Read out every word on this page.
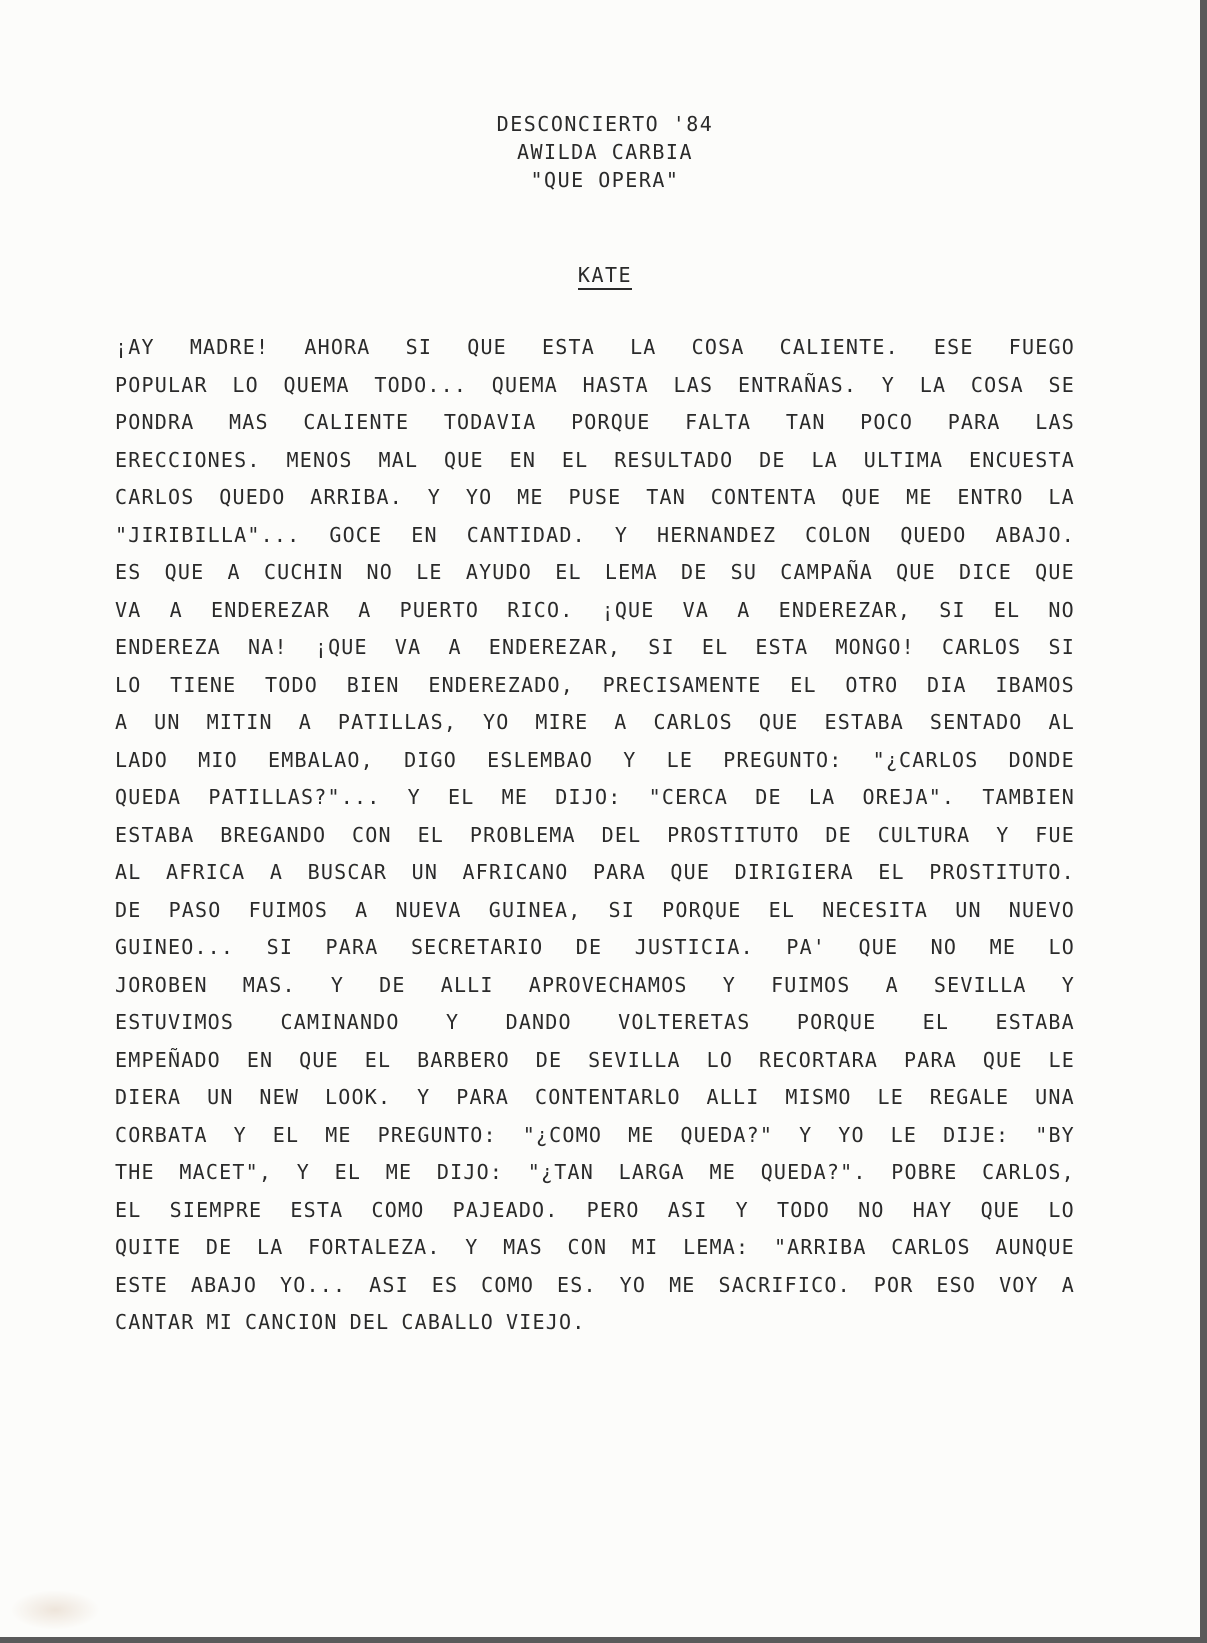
DESCONCIERTO '84
AWILDA CARBIA
"QUE OPERA"
KATE
¡AY MADRE! AHORA SI QUE ESTA LA COSA CALIENTE. ESE FUEGO
POPULAR LO QUEMA TODO... QUEMA HASTA LAS ENTRAÑAS. Y LA COSA SE
PONDRA MAS CALIENTE TODAVIA PORQUE FALTA TAN POCO PARA LAS
ERECCIONES. MENOS MAL QUE EN EL RESULTADO DE LA ULTIMA ENCUESTA
CARLOS QUEDO ARRIBA. Y YO ME PUSE TAN CONTENTA QUE ME ENTRO LA
"JIRIBILLA"... GOCE EN CANTIDAD. Y HERNANDEZ COLON QUEDO ABAJO.
ES QUE A CUCHIN NO LE AYUDO EL LEMA DE SU CAMPAÑA QUE DICE QUE
VA A ENDEREZAR A PUERTO RICO. ¡QUE VA A ENDEREZAR, SI EL NO
ENDEREZA NA! ¡QUE VA A ENDEREZAR, SI EL ESTA MONGO! CARLOS SI
LO TIENE TODO BIEN ENDEREZADO, PRECISAMENTE EL OTRO DIA IBAMOS
A UN MITIN A PATILLAS, YO MIRE A CARLOS QUE ESTABA SENTADO AL
LADO MIO EMBALAO, DIGO ESLEMBAO Y LE PREGUNTO: "¿CARLOS DONDE
QUEDA PATILLAS?"... Y EL ME DIJO: "CERCA DE LA OREJA". TAMBIEN
ESTABA BREGANDO CON EL PROBLEMA DEL PROSTITUTO DE CULTURA Y FUE
AL AFRICA A BUSCAR UN AFRICANO PARA QUE DIRIGIERA EL PROSTITUTO.
DE PASO FUIMOS A NUEVA GUINEA, SI PORQUE EL NECESITA UN NUEVO
GUINEO... SI PARA SECRETARIO DE JUSTICIA. PA' QUE NO ME LO
JOROBEN MAS. Y DE ALLI APROVECHAMOS Y FUIMOS A SEVILLA Y
ESTUVIMOS CAMINANDO Y DANDO VOLTERETAS PORQUE EL ESTABA
EMPEÑADO EN QUE EL BARBERO DE SEVILLA LO RECORTARA PARA QUE LE
DIERA UN NEW LOOK. Y PARA CONTENTARLO ALLI MISMO LE REGALE UNA
CORBATA Y EL ME PREGUNTO: "¿COMO ME QUEDA?" Y YO LE DIJE: "BY
THE MACET", Y EL ME DIJO: "¿TAN LARGA ME QUEDA?". POBRE CARLOS,
EL SIEMPRE ESTA COMO PAJEADO. PERO ASI Y TODO NO HAY QUE LO
QUITE DE LA FORTALEZA. Y MAS CON MI LEMA: "ARRIBA CARLOS AUNQUE
ESTE ABAJO YO... ASI ES COMO ES. YO ME SACRIFICO. POR ESO VOY A
CANTAR MI CANCION DEL CABALLO VIEJO.
